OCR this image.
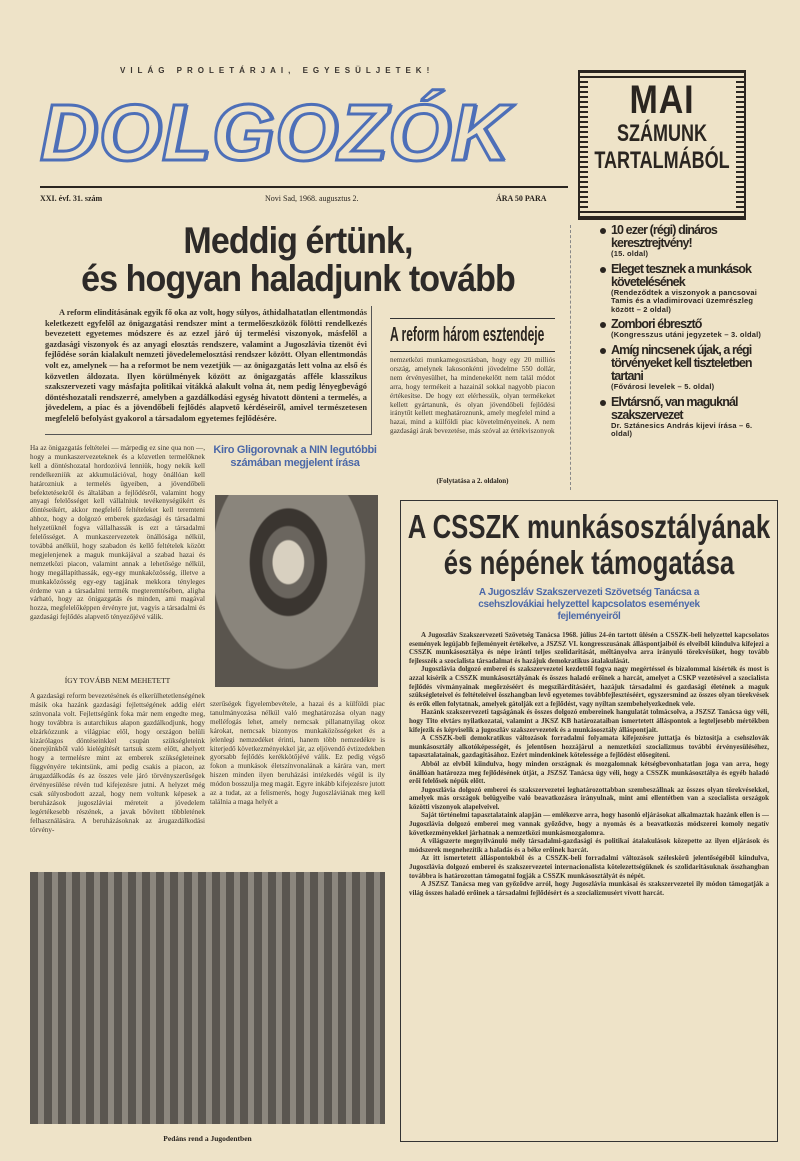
VILÁG PROLETÁRJAI, EGYESÜLJETEK!
DOLGOZÓK
XXI. évf. 31. szám	Novi Sad, 1968. augusztus 2.	ÁRA 50 PARA
MAI
SZÁMUNK
TARTALMÁBÓL
Meddig értünk,
és hogyan haladjunk tovább

A reform elindításának egyik fő oka az volt, hogy súlyos, áthidalhatatlan ellentmondás keletkezett egyfelől az önigazgatási rendszer mint a termelőeszközök fölötti rendelkezés bevezetett egyetemes módszere és az ezzel járó új termelési viszonyok, másfelől a gazdasági viszonyok és az anyagi elosztás rendszere, valamint a Jugoszlávia tizenöt évi fejlődése során kialakult nemzeti jövedelemelosztási rendszer között. Olyan ellentmondás volt ez, amelynek — ha a reformot be nem vezetjük — az önigazgatás lett volna az első és közvetlen áldozata. Ilyen körülmények között az önigazgatás afféle klasszikus szakszervezeti vagy másfajta politikai vitákká alakult volna át, nem pedig lényegbevágó döntéshozatali rendszerré, amelyben a gazdálkodási egység hivatott dönteni a termelés, a jövedelem, a piac és a jövendőbeli fejlődés alapvető kérdéseiről, amivel természetesen megfelelő befolyást gyakorol a társadalom egyetemes fejlődésére.

A reform három esztendeje
nemzetközi munkamegosztásban, hogy egy 20 milliós ország, amelynek lakosonkénti jövedelme 550 dollár, nem érvényesülhet, ha mindenekelőtt nem talál módot arra, hogy termékeit a hazainál sokkal nagyobb piacon értékesítse. De hogy ezt elérhessük, olyan termékeket kellett gyártanunk, és olyan jövendőbeli fejlődési iránytűt kellett meghatároznunk, amely megfelel mind a hazai, mind a külföldi piac követelményeinek. A nem gazdasági árak bevezetése, más szóval az értékviszonyok
(Folytatása a 2. oldalon)
10 ezer (régi) dináros keresztrejtvény!
(15. oldal)
Eleget tesznek a munkások követelésének
(Rendeződtek a viszonyok a pancsovai Tamis és a vladimirovaci üzemrészleg között – 2 oldal)
Zombori ébresztő
(Kongresszus utáni jegyzetek – 3. oldal)
Amíg nincsenek újak, a régi törvényeket kell tiszteletben tartani
(Fővárosi levelek – 5. oldal)
Elvtársnő, van maguknál szakszervezet
Dr. Sztánesics András kijevi írása – 6. oldal)
Ha az önigazgatás feltételei — márpedig ez sine qua non —, hogy a munkaszervezeteknek és a közvetlen termelőknek kell a döntéshozatal hordozóivá lenniük, hogy nekik kell rendelkezniük az akkumulációval, hogy önállóan kell határozniuk a termelés ügyeiben, a jövendőbeli befektetésekről és általában a fejlődésről, valamint hogy anyagi felelősséget kell vállalniuk tevékenységükért és döntéseikért, akkor megfelelő feltételeket kell teremteni ahhoz, hogy a dolgozó emberek gazdasági és társadalmi helyzetüknél fogva vállalhassák is ezt a társadalmi felelősséget. A munkaszervezetek önállósága nélkül, továbbá anélkül, hogy szabadon és kellő feltételek között megjelenjenek a maguk munkájával a szabad hazai és nemzetközi piacon, valamint annak a lehetősége nélkül, hogy megállapíthassák, egy-egy munkaközösség, illetve a munkaközösség egy-egy tagjának mekkora tényleges érdeme van a társadalmi termék megteremtésében, aligha várható, hogy az önigazgatás és minden, ami magával hozza, megfelelőképpen érvényre jut, vagyis a társadalmi és gazdasági fejlődés alapvető tényezőjévé válik.
ÍGY TOVÁBB NEM MEHETETT
A gazdasági reform bevezetésének és elkerülhetetlenségének másik oka hazánk gazdasági fejlettségének addig elért színvonala volt. Fejlettségünk foka már nem engedte meg, hogy továbbra is autarchikus alapon gazdálkodjunk, hogy elzárkózzunk a világpiac elől, hogy országon belüli kizárólagos döntéseinkkel csupán szükségleteink önerejünkből való kielégítését tartsuk szem előtt, ahelyett hogy a termelésre mint az emberek szükségleteinek függvényére tekintsünk, ami pedig csakis a piacon, az árugazdálkodás és az összes vele járó törvényszerűségek érvényesülése révén tud kifejezésre jutni. A helyzet még csak súlyosbodott azzal, hogy nem voltunk képesek a beruházások jugoszláviai méreteit a jövedelem legértékesebb részének, a javak bővített többletének felhasználására. A beruházásoknak az árugazdálkodási törvény-
Kiro Gligorovnak a NIN legutóbbi számában megjelent írása
szerűségek figyelembevétele, a hazai és a külföldi piac tanulmányozása nélkül való meghatározása olyan nagy melléfogás lehet, amely nemcsak pillanatnyilag okoz károkat, nemcsak bizonyos munkaközösségeket és a jelenlegi nemzedéket érinti, hanem több nemzedékre is kiterjedő következményekkel jár, az eljövendő évtizedekben gyorsabb fejlődés kerékkötőjévé válik. Ez pedig végső fokon a munkások életszínvonalának a kárára van, mert hiszen minden ilyen beruházási intézkedés végül is ily módon bosszulja meg magát. Egyre inkább kifejezésre jutott az a tudat, az a felismerés, hogy Jugoszláviának meg kell találnia a maga helyét a
Pedáns rend a Jugodentben
A CSSZK munkásosztályának
és népének támogatása
A Jugoszláv Szakszervezeti Szövetség Tanácsa a csehszlovákiai helyzettel kapcsolatos események fejleményeiről

A Jugoszláv Szakszervezeti Szövetség Tanácsa 1968. július 24-én tartott ülésén a CSSZK-beli helyzettel kapcsolatos események legújabb fejleményeit értékelve, a JSZSZ VI. kongresszusának álláspontjaiból és elveiből kiindulva kifejezi a CSSZK munkásosztálya és népe iránti teljes szolidaritását, méltányolva arra irányuló törekvésüket, hogy tovább fejlesszék a szocialista társadalmat és hazájuk demokratikus átalakulását.

Jugoszlávia dolgozó emberei és szakszervezetei kezdettől fogva nagy megértéssel és bizalommal kísérték és most is azzal kísérik a CSSZK munkásosztályának és összes haladó erőinek a harcát, amelyet a CSKP vezetésével a szocialista fejlődés vívmányainak megőrzéséért és megszilárdításáért, hazájuk társadalmi és gazdasági életének a maguk szükségleteivel és feltételeivel összhangban levő egyetemes továbbfejlesztéséért, egyszersmind az összes olyan törekvések és erők ellen folytatnak, amelyek gátolják ezt a fejlődést, vagy nyíltan szembehelyezkednek vele.

Hazánk szakszervezeti tagságának és összes dolgozó embereinek hangulatát tolmácsolva, a JSZSZ Tanácsa úgy véli, hogy Tito elvtárs nyilatkozatai, valamint a JKSZ KB határozataiban ismertetett álláspontok a legteljesebb mértékben kifejezik és képviselik a jugoszláv szakszervezetek és a munkásosztály álláspontjait.

A CSSZK-beli demokratikus változások forradalmi folyamata kifejezésre juttatja és biztosítja a csehszlovák munkásosztály alkotóképességét, és jelentősen hozzájárul a nemzetközi szocializmus további érvényesüléséhez, tapasztalatainak, gazdagításához. Ezért mindenkinek kötelessége a fejlődést elősegíteni.

Abból az elvből kiindulva, hogy minden országnak és mozgalomnak kétségbevonhatatlan joga van arra, hogy önállóan határozza meg fejlődésének útját, a JSZSZ Tanácsa úgy véli, hogy a CSSZK munkásosztálya és egyéb haladó erői felelősek népük előtt.

Jugoszlávia dolgozó emberei és szakszervezetei leghatározottabban szembeszállnak az összes olyan törekvésekkel, amelyek más országok belügyeibe való beavatkozásra irányulnak, mint ami ellentétben van a szocialista országok közötti viszonyok alapelveivel.

Saját történelmi tapasztalataink alapján — emlékezve arra, hogy hasonló eljárásokat alkalmaztak hazánk ellen is — Jugoszlávia dolgozó emberei meg vannak győződve, hogy a nyomás és a beavatkozás módszerei komoly negatív következményekkel járhatnak a nemzetközi munkásmozgalomra.

A világszerte megnyilvánuló mély társadalmi-gazdasági és politikai átalakulások közepette az ilyen eljárások és módszerek megnehezítik a haladás és a béke erőinek harcát.

Az itt ismertetett álláspontokból és a CSSZK-beli forradalmi változások széleskörű jelentőségéből kiindulva, Jugoszlávia dolgozó emberei és szakszervezetei internacionalista kötelezettségüknek és szolidaritásuknak összhangban továbbra is határozottan támogatni fogják a CSSZK munkásosztályát és népét.

A JSZSZ Tanácsa meg van győződve arról, hogy Jugoszlávia munkásai és szakszervezetei ily módon támogatják a világ összes haladó erőinek a társadalmi fejlődésért és a szocializmusért vívott harcát.
